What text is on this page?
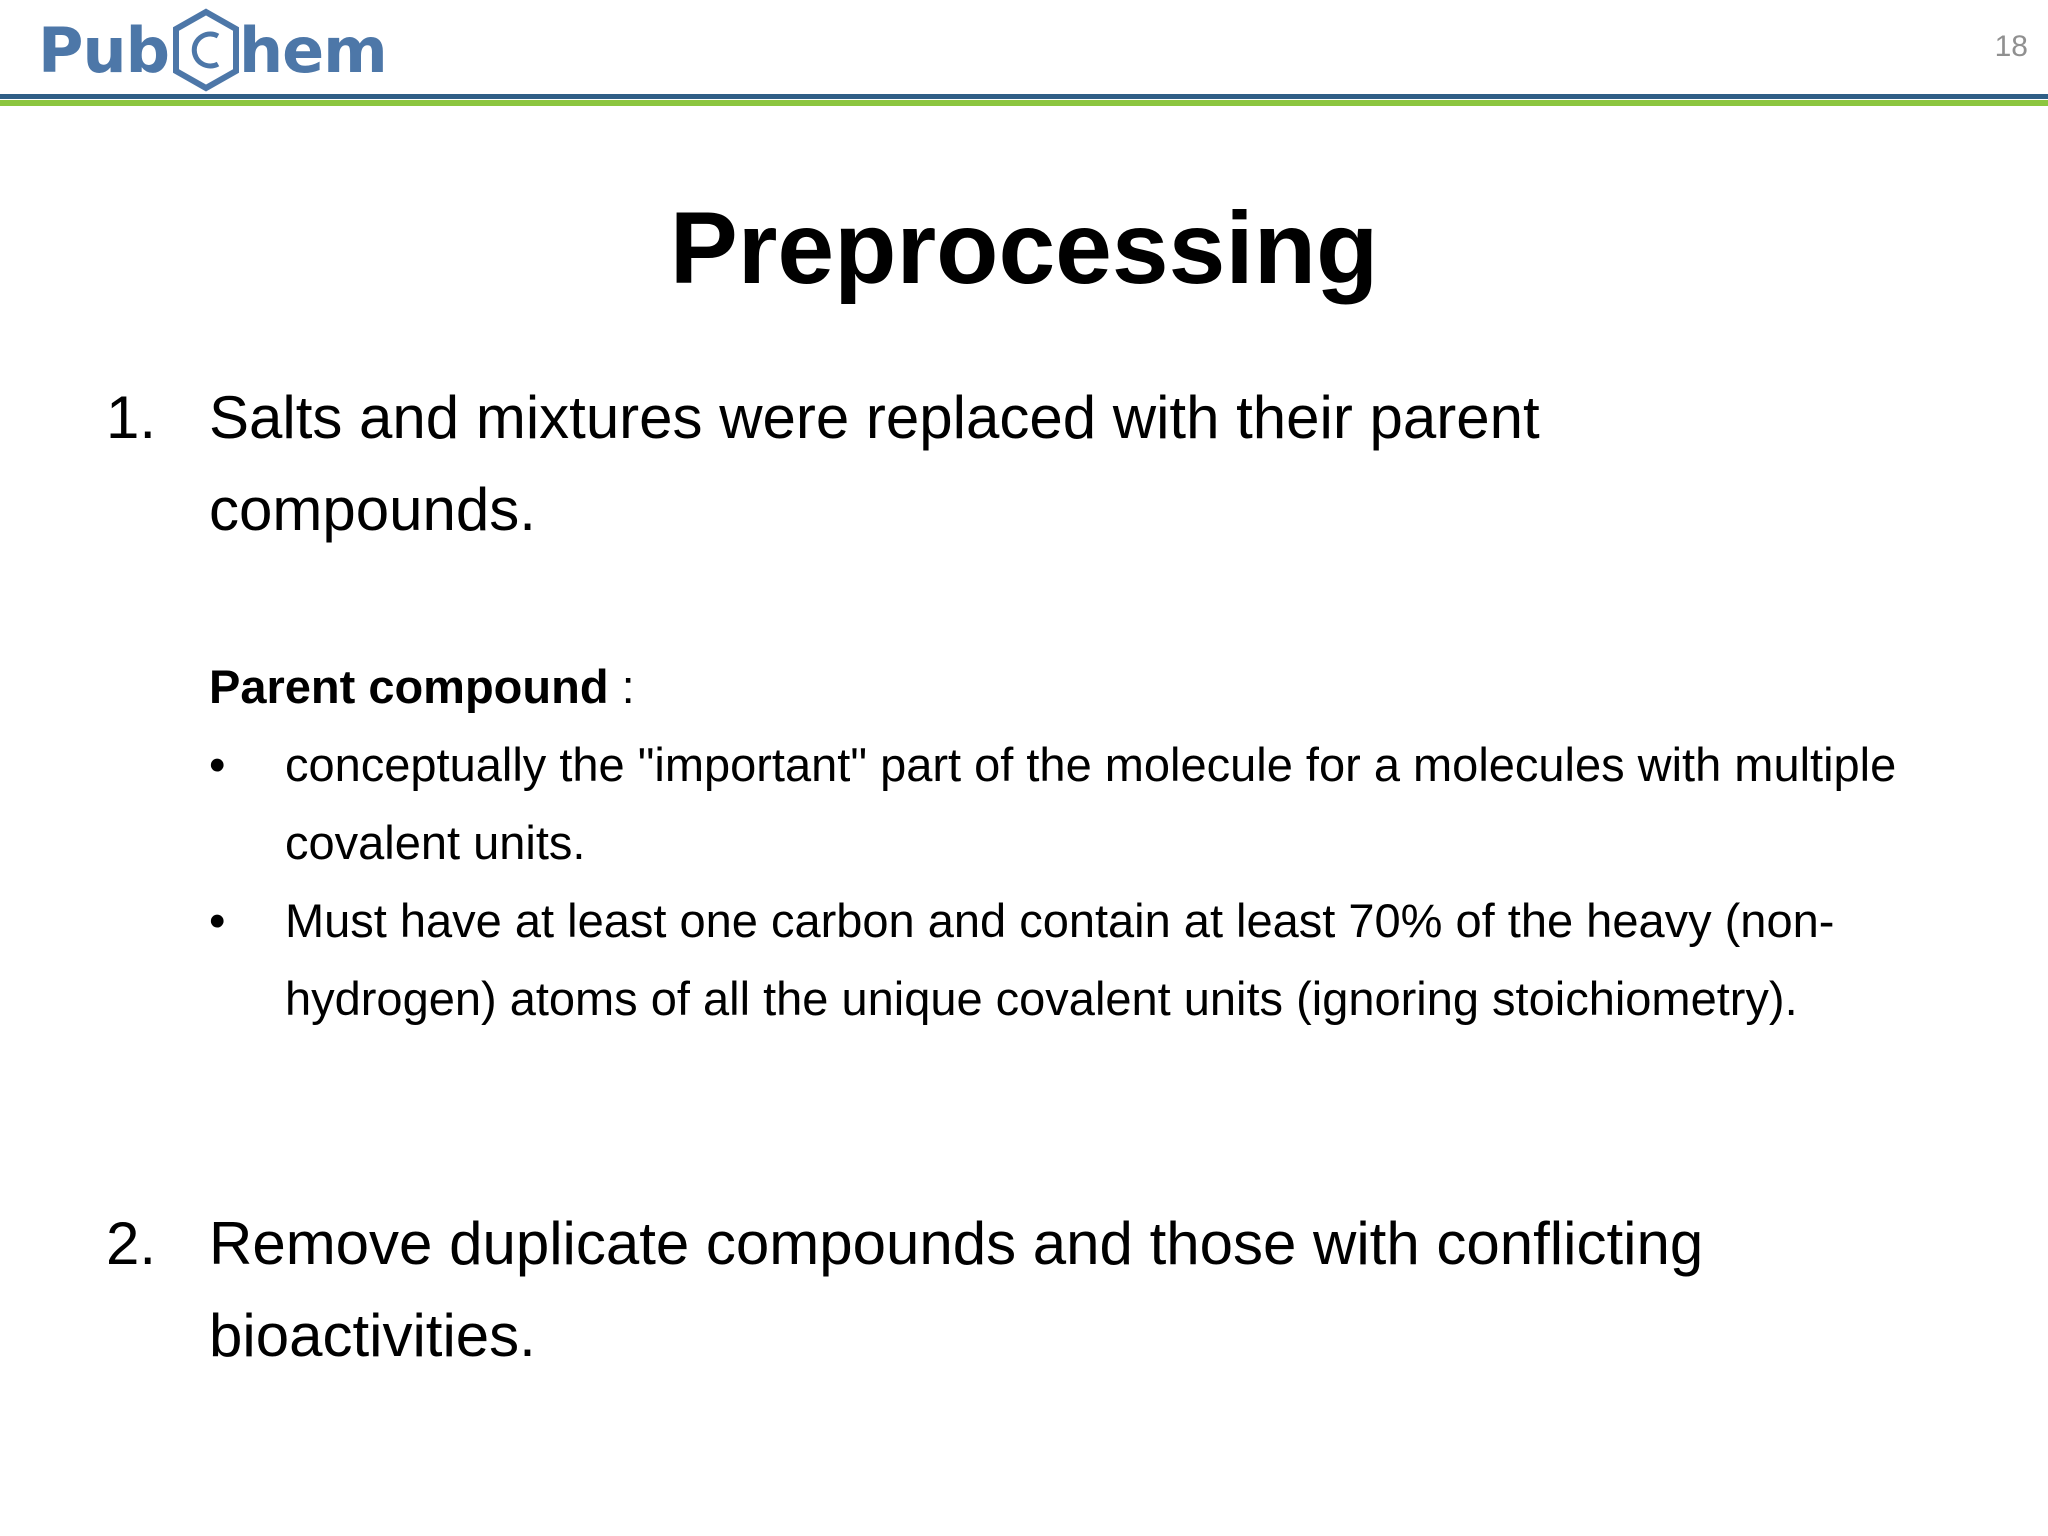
Pub hem	18
Preprocessing
1. Salts and mixtures were replaced with their parent compounds.
Parent compound :
• conceptually the "important" part of the molecule for a molecules with multiple covalent units.
• Must have at least one carbon and contain at least 70% of the heavy (non-hydrogen) atoms of all the unique covalent units (ignoring stoichiometry).
2. Remove duplicate compounds and those with conflicting bioactivities.
